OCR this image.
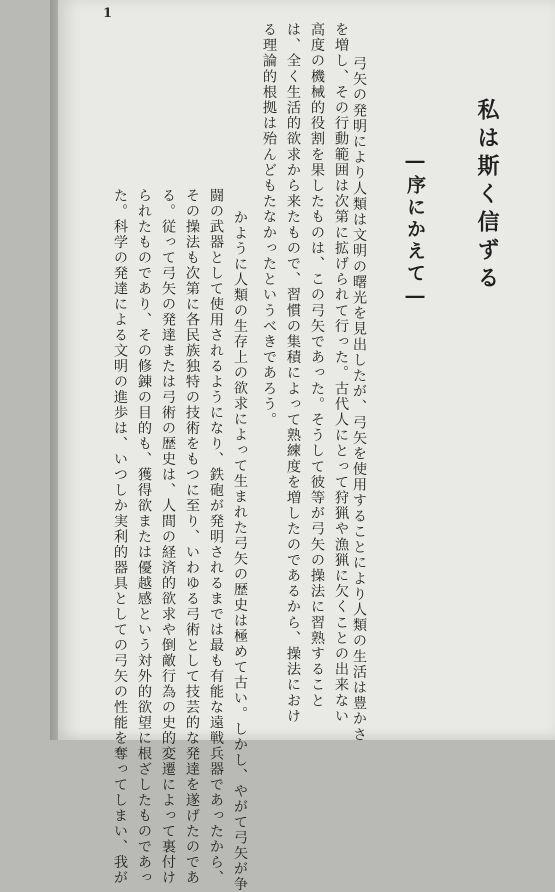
1
私は斯く信ずる
―序にかえて―
弓矢の発明により人類は文明の曙光を見出したが、弓矢を使用することにより人類の生活は豊かさ
を増し、その行動範囲は次第に拡げられて行った。古代人にとって狩猟や漁猟に欠くことの出来ない
高度の機械的役割を果したものは、この弓矢であった。そうして彼等が弓矢の操法に習熟すること
は、全く生活的欲求から来たもので、習慣の集積によって熟練度を増したのであるから、操法におけ
る理論的根拠は殆んどもたなかったというべきであろう。
かように人類の生存上の欲求によって生まれた弓矢の歴史は極めて古い。しかし、やがて弓矢が争
闘の武器として使用されるようになり、鉄砲が発明されるまでは最も有能な遠戦兵器であったから、
その操法も次第に各民族独特の技術をもつに至り、いわゆる弓術として技芸的な発達を遂げたのであ
る。従って弓矢の発達または弓術の歴史は、人間の経済的欲求や倒敵行為の史的変遷によって裏付け
られたものであり、その修錬の目的も、獲得欲または優越感という対外的欲望に根ざしたものであっ
た。科学の発達による文明の進歩は、いつしか実利的器具としての弓矢の性能を奪ってしまい、我が
